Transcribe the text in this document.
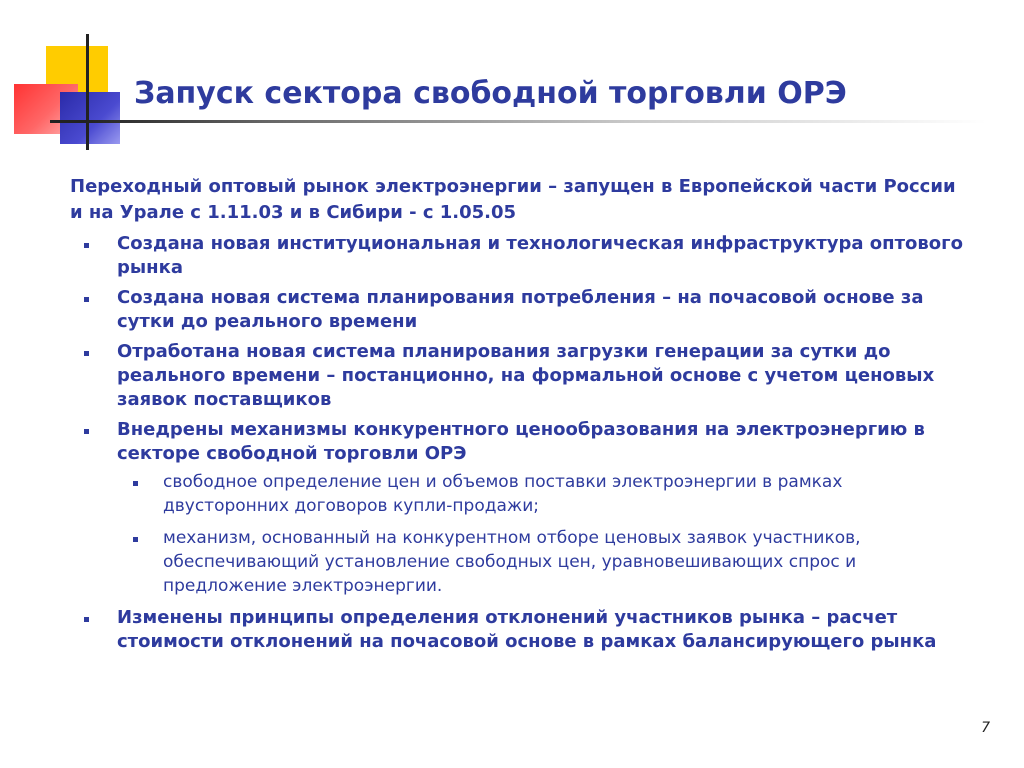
Запуск сектора свободной торговли ОРЭ

Переходный оптовый рынок электроэнергии – запущен в Европейской части России и на Урале с 1.11.03 и в Сибири - с 1.05.05

Создана новая институциональная и технологическая инфраструктура оптового рынка
Создана новая система планирования потребления – на почасовой основе за сутки до реального времени
Отработана новая система планирования загрузки генерации за сутки до реального времени – постанционно, на формальной основе с учетом ценовых заявок поставщиков
Внедрены механизмы конкурентного ценообразования на электроэнергию в секторе свободной торговли ОРЭ
свободное определение цен и объемов поставки электроэнергии в рамках двусторонних договоров купли-продажи;
механизм, основанный на конкурентном отборе ценовых заявок участников, обеспечивающий установление свободных цен, уравновешивающих спрос и предложение электроэнергии.
Изменены принципы определения отклонений участников рынка – расчет стоимости отклонений на почасовой основе в рамках балансирующего рынка
7
